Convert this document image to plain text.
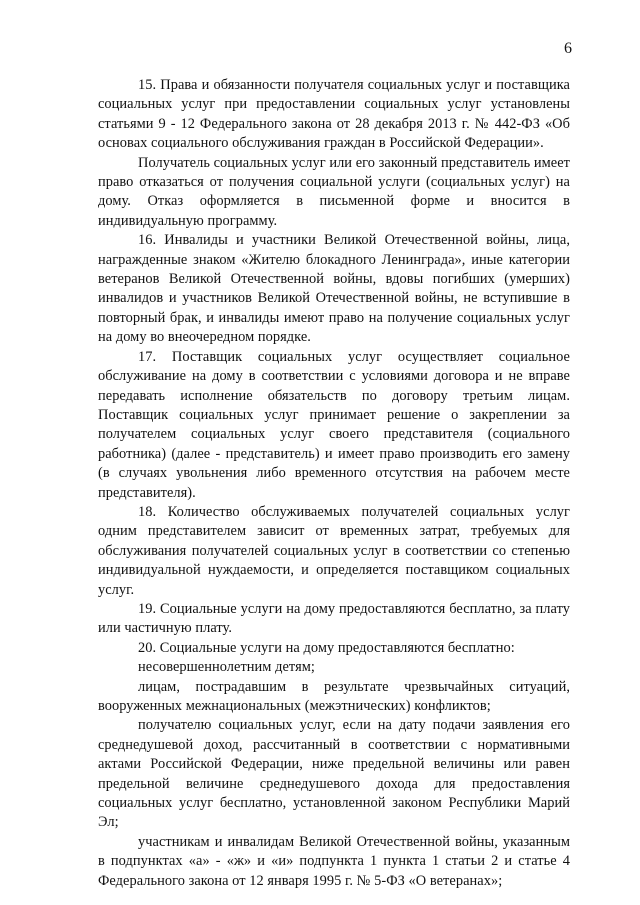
6

15. Права и обязанности получателя социальных услуг и поставщика социальных услуг при предоставлении социальных услуг установлены статьями 9 - 12 Федерального закона от 28 декабря 2013 г. № 442-ФЗ «Об основах социального обслуживания граждан в Российской Федерации».

Получатель социальных услуг или его законный представитель имеет право отказаться от получения социальной услуги (социальных услуг) на дому. Отказ оформляется в письменной форме и вносится в индивидуальную программу.

16. Инвалиды и участники Великой Отечественной войны, лица, награжденные знаком «Жителю блокадного Ленинграда», иные категории ветеранов Великой Отечественной войны, вдовы погибших (умерших) инвалидов и участников Великой Отечественной войны, не вступившие в повторный брак, и инвалиды имеют право на получение социальных услуг на дому во внеочередном порядке.

17. Поставщик социальных услуг осуществляет социальное обслуживание на дому в соответствии с условиями договора и не вправе передавать исполнение обязательств по договору третьим лицам. Поставщик социальных услуг принимает решение о закреплении за получателем социальных услуг своего представителя (социального работника) (далее - представитель) и имеет право производить его замену (в случаях увольнения либо временного отсутствия на рабочем месте представителя).

18. Количество обслуживаемых получателей социальных услуг одним представителем зависит от временных затрат, требуемых для обслуживания получателей социальных услуг в соответствии со степенью индивидуальной нуждаемости, и определяется поставщиком социальных услуг.

19. Социальные услуги на дому предоставляются бесплатно, за плату или частичную плату.

20. Социальные услуги на дому предоставляются бесплатно:

несовершеннолетним детям;

лицам, пострадавшим в результате чрезвычайных ситуаций, вооруженных межнациональных (межэтнических) конфликтов;

получателю социальных услуг, если на дату подачи заявления его среднедушевой доход, рассчитанный в соответствии с нормативными актами Российской Федерации, ниже предельной величины или равен предельной величине среднедушевого дохода для предоставления социальных услуг бесплатно, установленной законом Республики Марий Эл;

участникам и инвалидам Великой Отечественной войны, указанным в подпунктах «а» - «ж» и «и» подпункта 1 пункта 1 статьи 2 и статье 4 Федерального закона от 12 января 1995 г. № 5-ФЗ «О ветеранах»;
